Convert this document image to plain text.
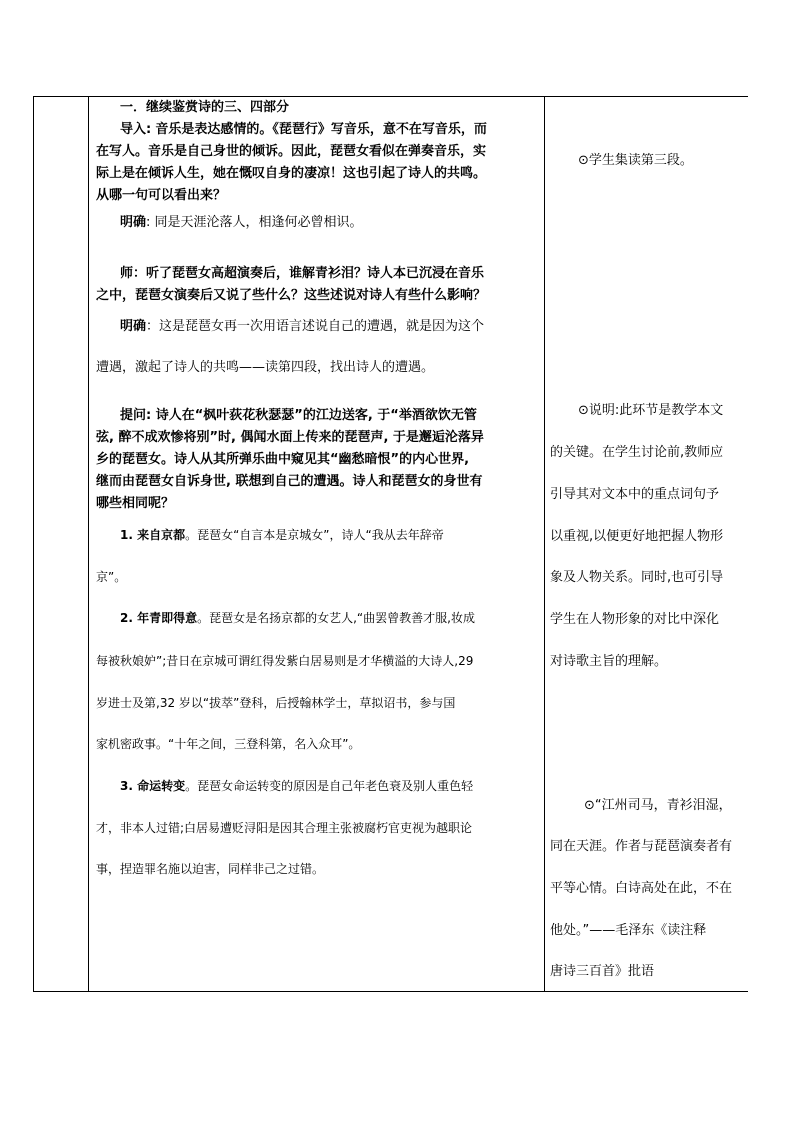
一．继续鉴赏诗的三、四部分
导入: 音乐是表达感情的。《琵琶行》写音乐，意不在写音乐，而
在写人。音乐是自己身世的倾诉。因此，琵琶女看似在弹奏音乐，实
际上是在倾诉人生，她在慨叹自身的凄凉！这也引起了诗人的共鸣。
从哪一句可以看出来？
明确: 同是天涯沦落人，相逢何必曾相识。
师：听了琵琶女高超演奏后，谁解青衫泪？诗人本已沉浸在音乐
之中，琵琶女演奏后又说了些什么？这些述说对诗人有些什么影响？
明确：这是琵琶女再一次用语言述说自己的遭遇，就是因为这个
遭遇，激起了诗人的共鸣——读第四段，找出诗人的遭遇。
提问: 诗人在“枫叶荻花秋瑟瑟”的江边送客, 于“举酒欲饮无管
弦, 醉不成欢惨将别”时, 偶闻水面上传来的琵琶声, 于是邂逅沦落异
乡的琵琶女。诗人从其所弹乐曲中窥见其“幽愁暗恨”的内心世界,
继而由琵琶女自诉身世, 联想到自己的遭遇。诗人和琵琶女的身世有
哪些相同呢？
1. 来自京都。琵琶女“自言本是京城女”，诗人“我从去年辞帝
京”。
2. 年青即得意。琵琶女是名扬京都的女艺人,“曲罢曾教善才服,妆成
每被秋娘妒”;昔日在京城可谓红得发紫白居易则是才华横溢的大诗人,29
岁进士及第,32 岁以“拔萃”登科，后授翰林学士，草拟诏书，参与国
家机密政事。“十年之间，三登科第，名入众耳”。
3. 命运转变。琵琶女命运转变的原因是自己年老色衰及别人重色轻
才，非本人过错;白居易遭贬浔阳是因其合理主张被腐朽官吏视为越职论
事，捏造罪名施以迫害，同样非己之过错。
⊙学生集读第三段。
⊙说明:此环节是教学本文
的关键。在学生讨论前,教师应
引导其对文本中的重点词句予
以重视,以便更好地把握人物形
象及人物关系。同时,也可引导
学生在人物形象的对比中深化
对诗歌主旨的理解。
⊙“江州司马，青衫泪湿，
同在天涯。作者与琵琶演奏者有
平等心情。白诗高处在此，不在
他处。”——毛泽东《读注释
唐诗三百首》批语
